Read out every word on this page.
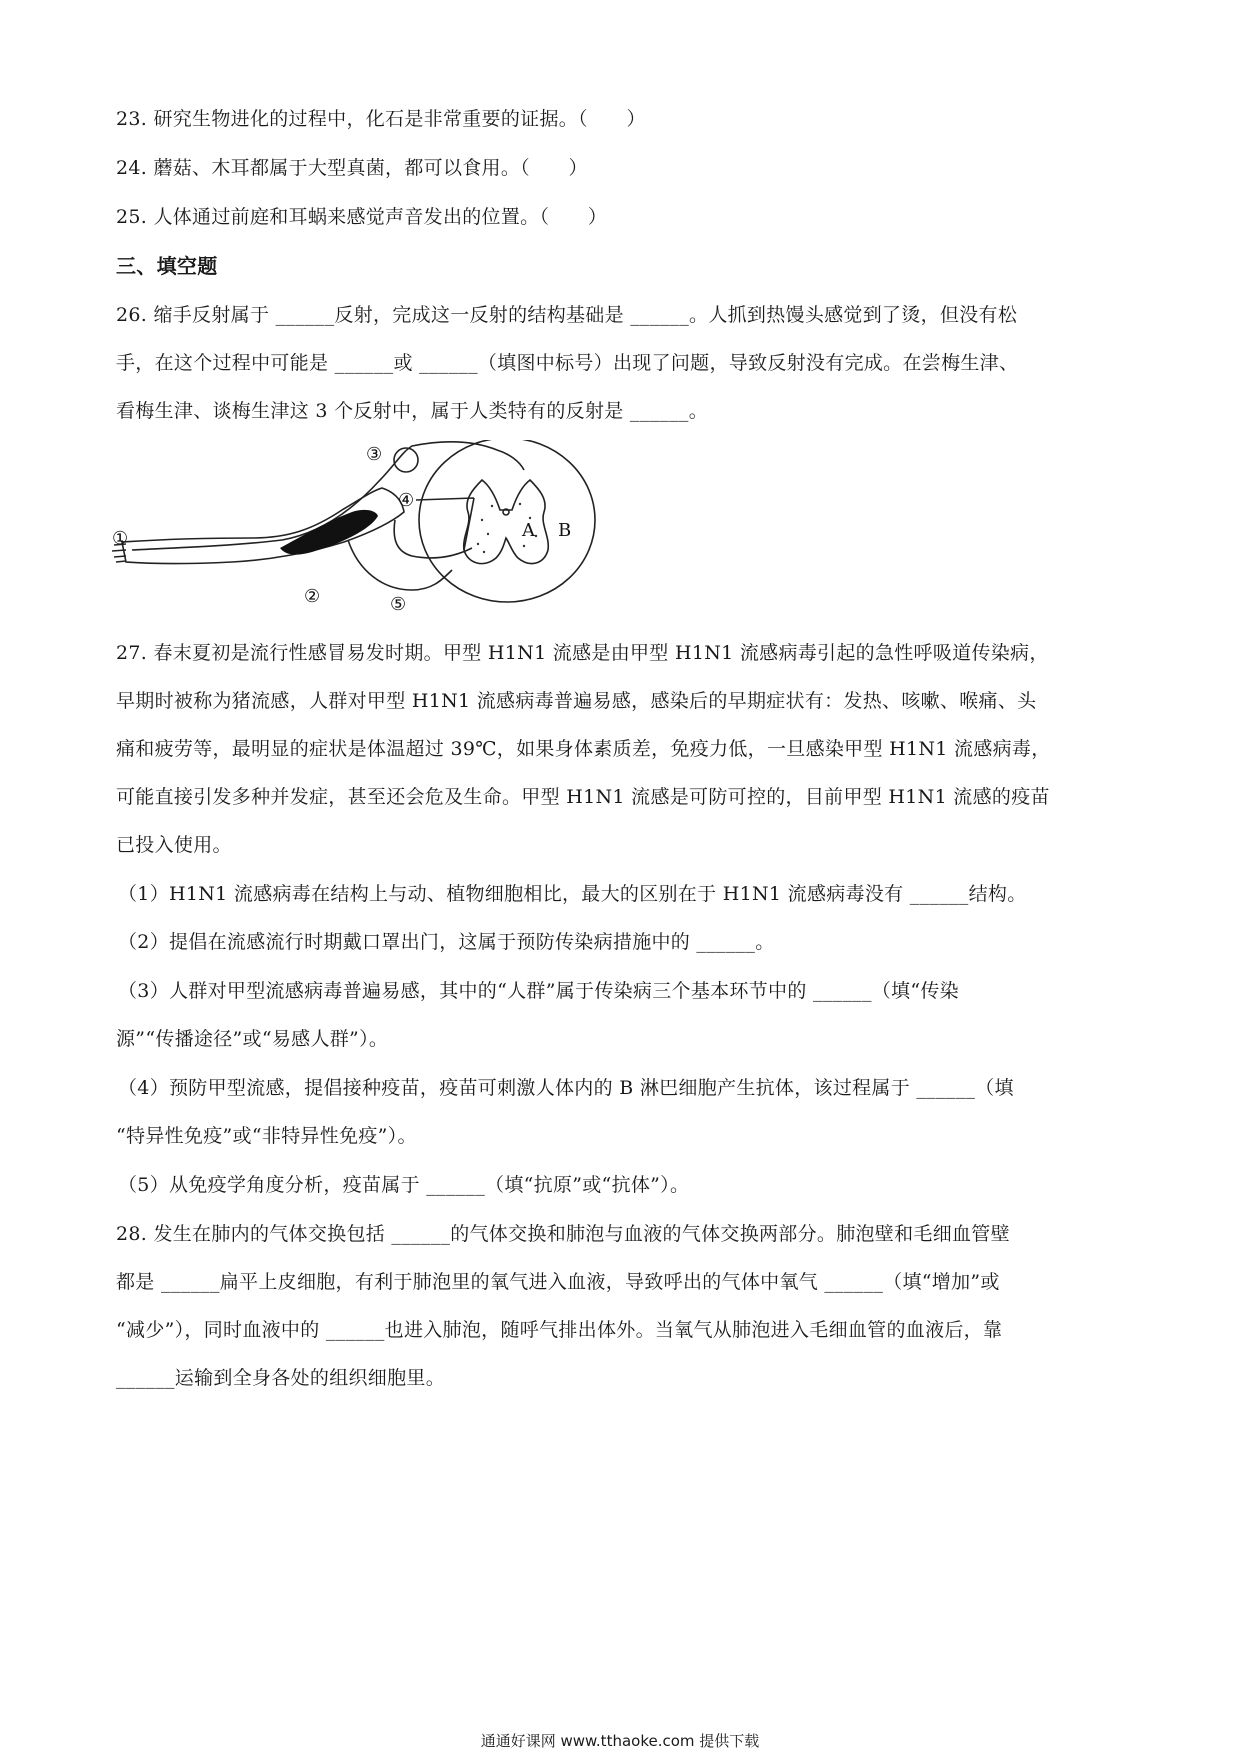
23. 研究生物进化的过程中，化石是非常重要的证据。（　　）
24. 蘑菇、木耳都属于大型真菌，都可以食用。（　　）
25. 人体通过前庭和耳蜗来感觉声音发出的位置。（　　）
三、填空题
26. 缩手反射属于 ______反射，完成这一反射的结构基础是 ______。人抓到热馒头感觉到了烫，但没有松
手，在这个过程中可能是 ______或 ______（填图中标号）出现了问题，导致反射没有完成。在尝梅生津、
看梅生津、谈梅生津这 3 个反射中，属于人类特有的反射是 ______。
①
②
③
④
⑤
A B
27. 春末夏初是流行性感冒易发时期。甲型 H1N1 流感是由甲型 H1N1 流感病毒引起的急性呼吸道传染病，
早期时被称为猪流感，人群对甲型 H1N1 流感病毒普遍易感，感染后的早期症状有：发热、咳嗽、喉痛、头
痛和疲劳等，最明显的症状是体温超过 39℃，如果身体素质差，免疫力低，一旦感染甲型 H1N1 流感病毒，
可能直接引发多种并发症，甚至还会危及生命。甲型 H1N1 流感是可防可控的，目前甲型 H1N1 流感的疫苗
已投入使用。
（1）H1N1 流感病毒在结构上与动、植物细胞相比，最大的区别在于 H1N1 流感病毒没有 ______结构。
（2）提倡在流感流行时期戴口罩出门，这属于预防传染病措施中的 ______。
（3）人群对甲型流感病毒普遍易感，其中的“人群”属于传染病三个基本环节中的 ______（填“传染
源”“传播途径”或“易感人群”）。
（4）预防甲型流感，提倡接种疫苗，疫苗可刺激人体内的 B 淋巴细胞产生抗体，该过程属于 ______（填
“特异性免疫”或“非特异性免疫”）。
（5）从免疫学角度分析，疫苗属于 ______（填“抗原”或“抗体”）。
28. 发生在肺内的气体交换包括 ______的气体交换和肺泡与血液的气体交换两部分。肺泡壁和毛细血管壁
都是 ______扁平上皮细胞，有利于肺泡里的氧气进入血液，导致呼出的气体中氧气 ______（填“增加”或
“减少”），同时血液中的 ______也进入肺泡，随呼气排出体外。当氧气从肺泡进入毛细血管的血液后，靠
______运输到全身各处的组织细胞里。
通通好课网 www.tthaoke.com 提供下载
